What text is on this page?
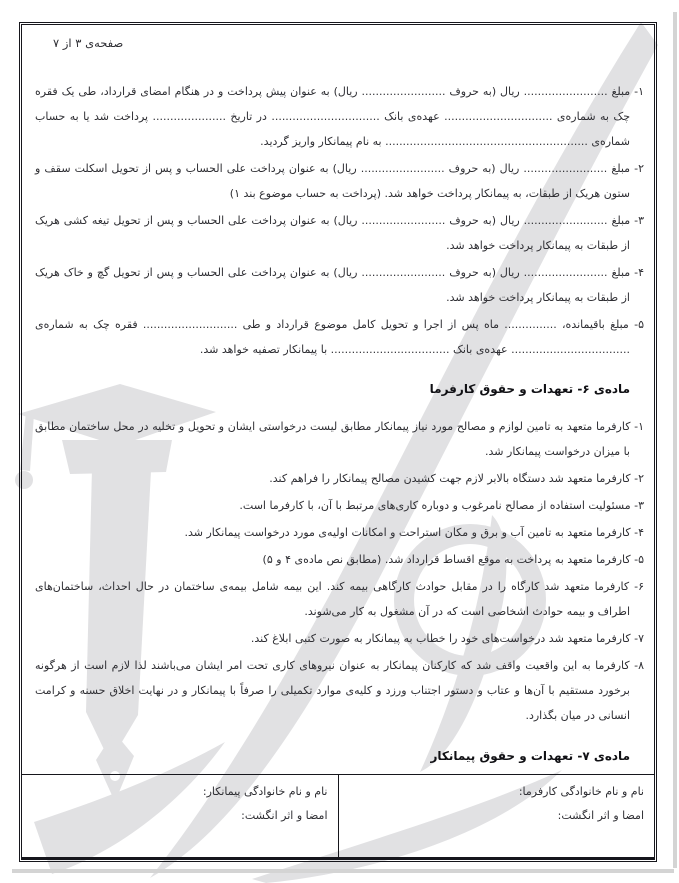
صفحه‌ی ۳ از ۷

۱- مبلغ ........................ ریال (به حروف ........................ ریال) به عنوان پیش پرداخت و در هنگام امضای قرارداد، طی یک فقره چک به شماره‌ی ............................... عهده‌ی بانک ............................... در تاریخ ..................... پرداخت شد یا به حساب شماره‌ی .......................................................... به نام پیمانکار واریز گردید.

۲- مبلغ ........................ ریال (به حروف ........................ ریال) به عنوان پرداخت علی الحساب و پس از تحویل اسکلت سقف و ستون هریک از طبقات، به پیمانکار پرداخت خواهد شد. (پرداخت به حساب موضوع بند ۱)

۳- مبلغ ........................ ریال (به حروف ........................ ریال) به عنوان پرداخت علی الحساب و پس از تحویل تیغه کشی هریک از طبقات به پیمانکار پرداخت خواهد شد.

۴- مبلغ ........................ ریال (به حروف ........................ ریال) به عنوان پرداخت علی الحساب و پس از تحویل گچ و خاک هریک از طبقات به پیمانکار پرداخت خواهد شد.

۵- مبلغ باقیمانده، ............... ماه پس از اجرا و تحویل کامل موضوع قرارداد و طی ........................... فقره چک به شماره‌ی .................................. عهده‌ی بانک .................................. با پیمانکار تصفیه خواهد شد.

ماده‌ی ۶- تعهدات و حقوق کارفرما

۱- کارفرما متعهد به تامین لوازم و مصالح مورد نیاز پیمانکار مطابق لیست درخواستی ایشان و تحویل و تخلیه در محل ساختمان مطابق با میزان درخواست پیمانکار شد.

۲- کارفرما متعهد شد دستگاه بالابر لازم جهت کشیدن مصالح پیمانکار را فراهم کند.

۳- مسئولیت استفاده از مصالح نامرغوب و دوباره کاری‌های مرتبط با آن، با کارفرما است.

۴- کارفرما متعهد به تامین آب و برق و مکان استراحت و امکانات اولیه‌ی مورد درخواست پیمانکار شد.

۵- کارفرما متعهد به پرداخت به موقع اقساط قرارداد شد. (مطابق نص ماده‌ی ۴ و ۵)

۶- کارفرما متعهد شد کارگاه را در مقابل حوادث کارگاهی بیمه کند. این بیمه شامل بیمه‌ی ساختمان در حال احداث، ساختمان‌های اطراف و بیمه حوادث اشخاصی است که در آن مشغول به کار می‌شوند.

۷- کارفرما متعهد شد درخواست‌های خود را خطاب به پیمانکار به صورت کتبی ابلاغ کند.

۸- کارفرما به این واقعیت واقف شد که کارکنان پیمانکار به عنوان نیروهای کاری تحت امر ایشان می‌باشند لذا لازم است از هرگونه برخورد مستقیم با آن‌ها و عتاب و دستور اجتناب ورزد و کلیه‌ی موارد تکمیلی را صرفاً با پیمانکار و در نهایت اخلاق حسنه و کرامت انسانی در میان بگذارد.

ماده‌ی ۷- تعهدات و حقوق پیمانکار
نام و نام خانوادگی کارفرما:
امضا و اثر انگشت:
نام و نام خانوادگی پیمانکار:
امضا و اثر انگشت:
